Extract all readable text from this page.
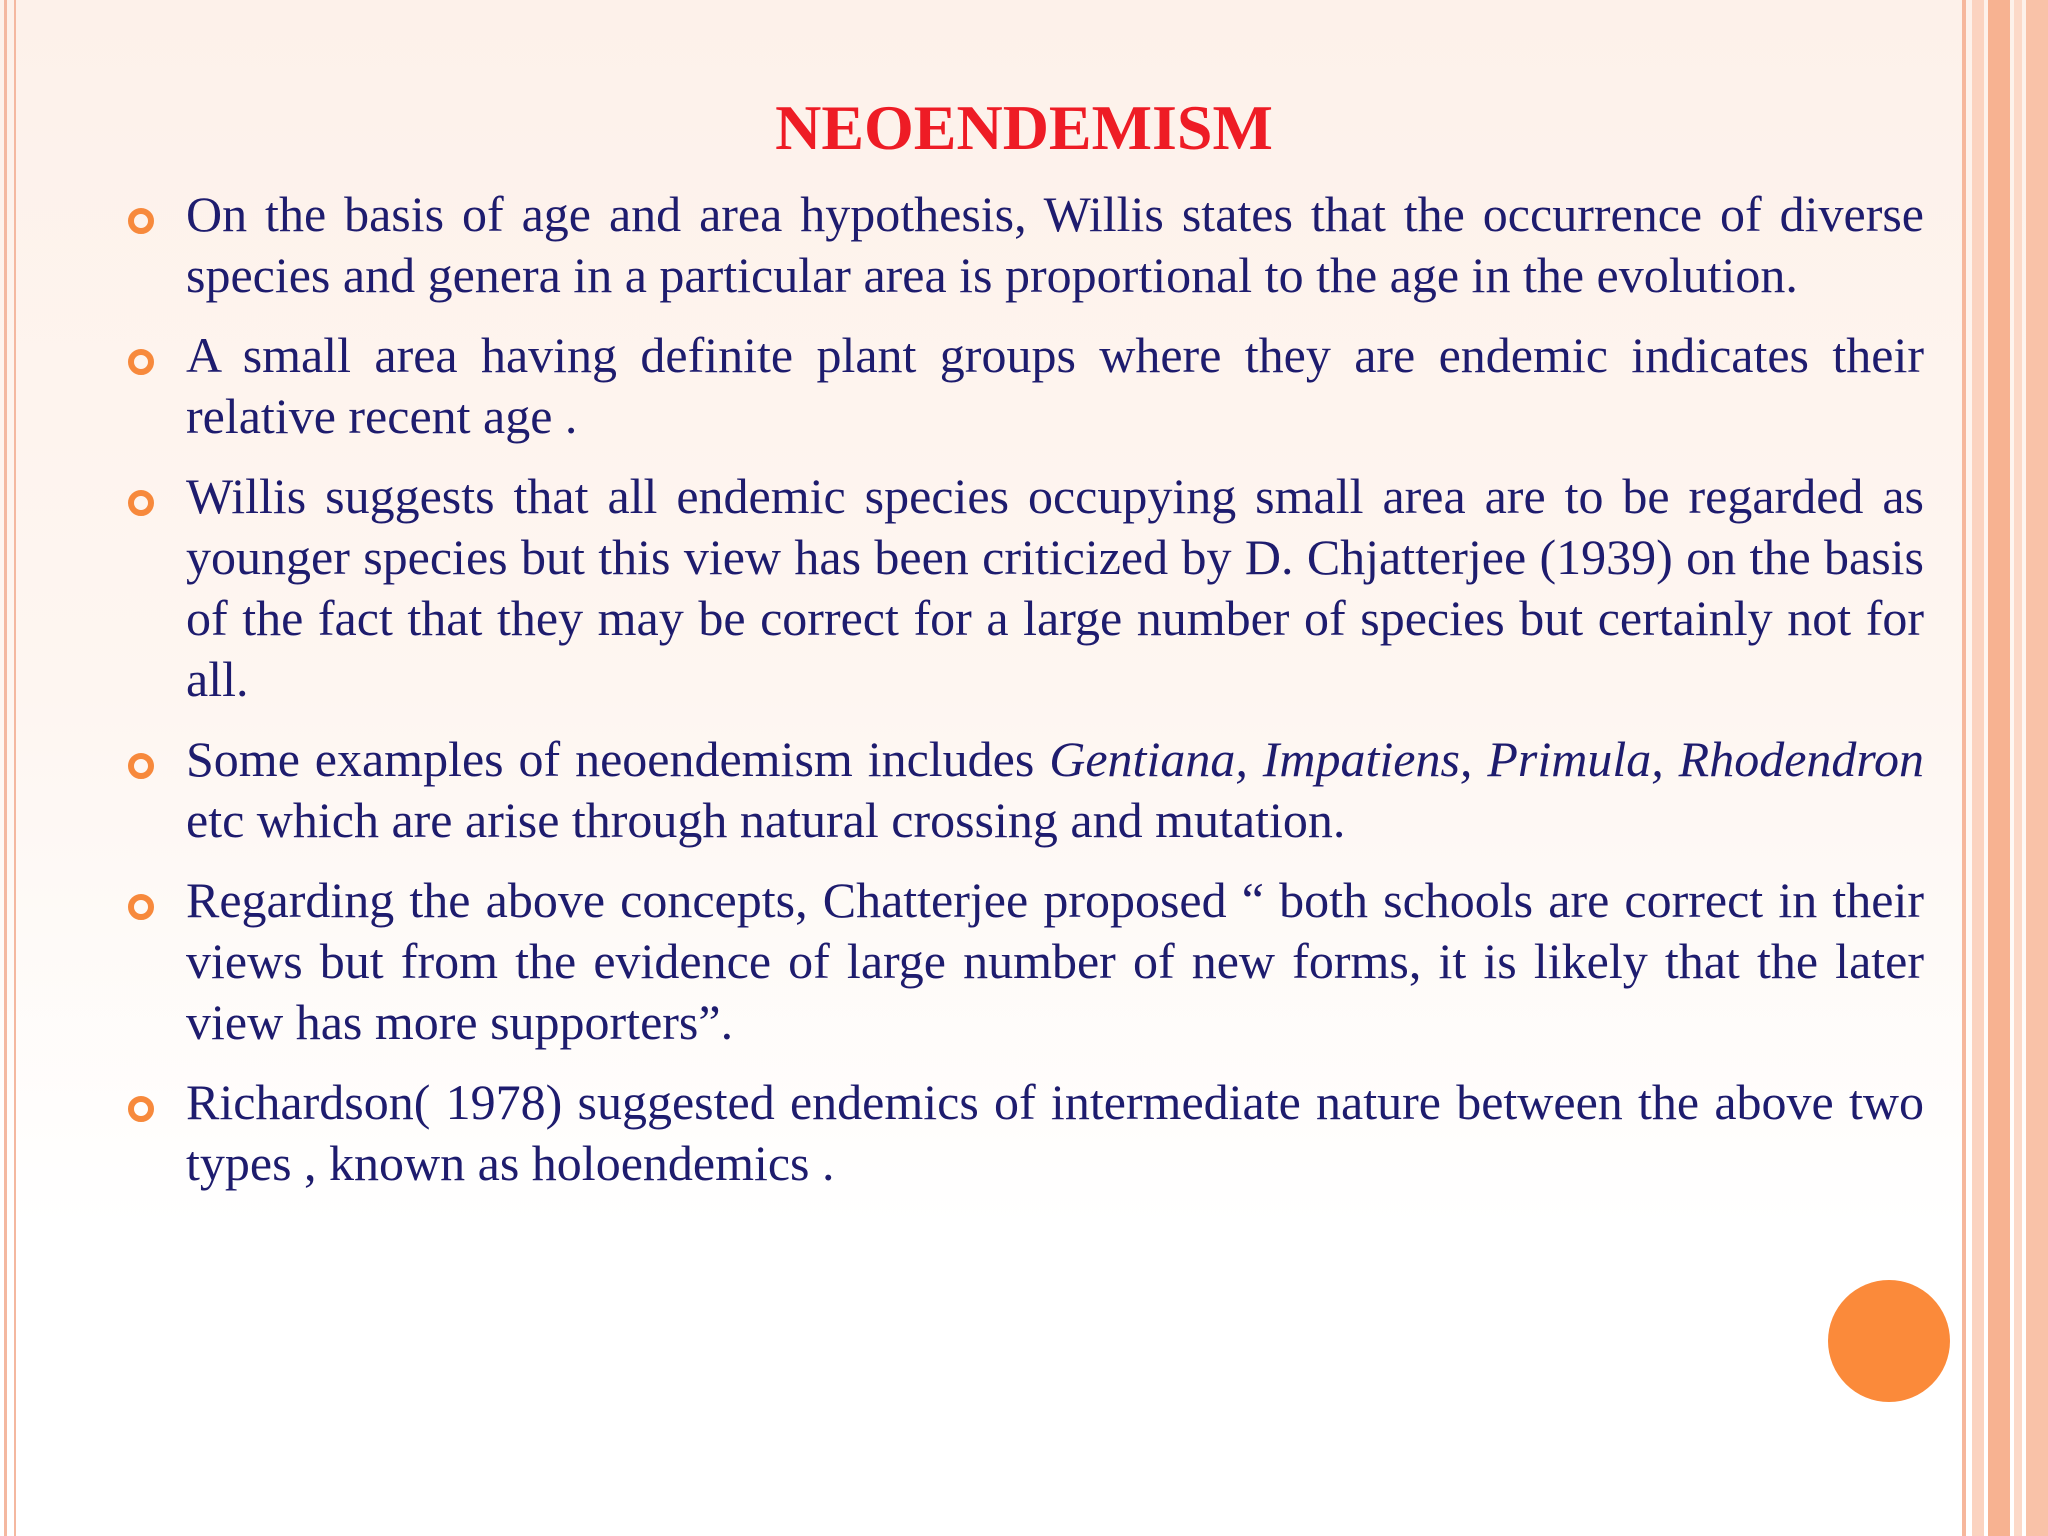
NEOENDEMISM
On the basis of age and area hypothesis, Willis states that the occurrence of diverse species and genera in a particular area is proportional to the age in the evolution.
A small area having definite plant groups where they are endemic indicates their relative recent age .
Willis suggests that all endemic species occupying small area are to be regarded as younger species but this view has been criticized by D. Chjatterjee (1939) on the basis of the fact that they may be correct for a large number of species but certainly not for all.
Some examples of neoendemism includes Gentiana, Impatiens, Primula, Rhodendron etc which are arise through natural crossing and mutation.
Regarding the above concepts, Chatterjee proposed “ both schools are correct in their views but from the evidence of large number of new forms, it is likely that the later view has more supporters”.
Richardson( 1978) suggested endemics of intermediate nature between the above two types , known as holoendemics .
